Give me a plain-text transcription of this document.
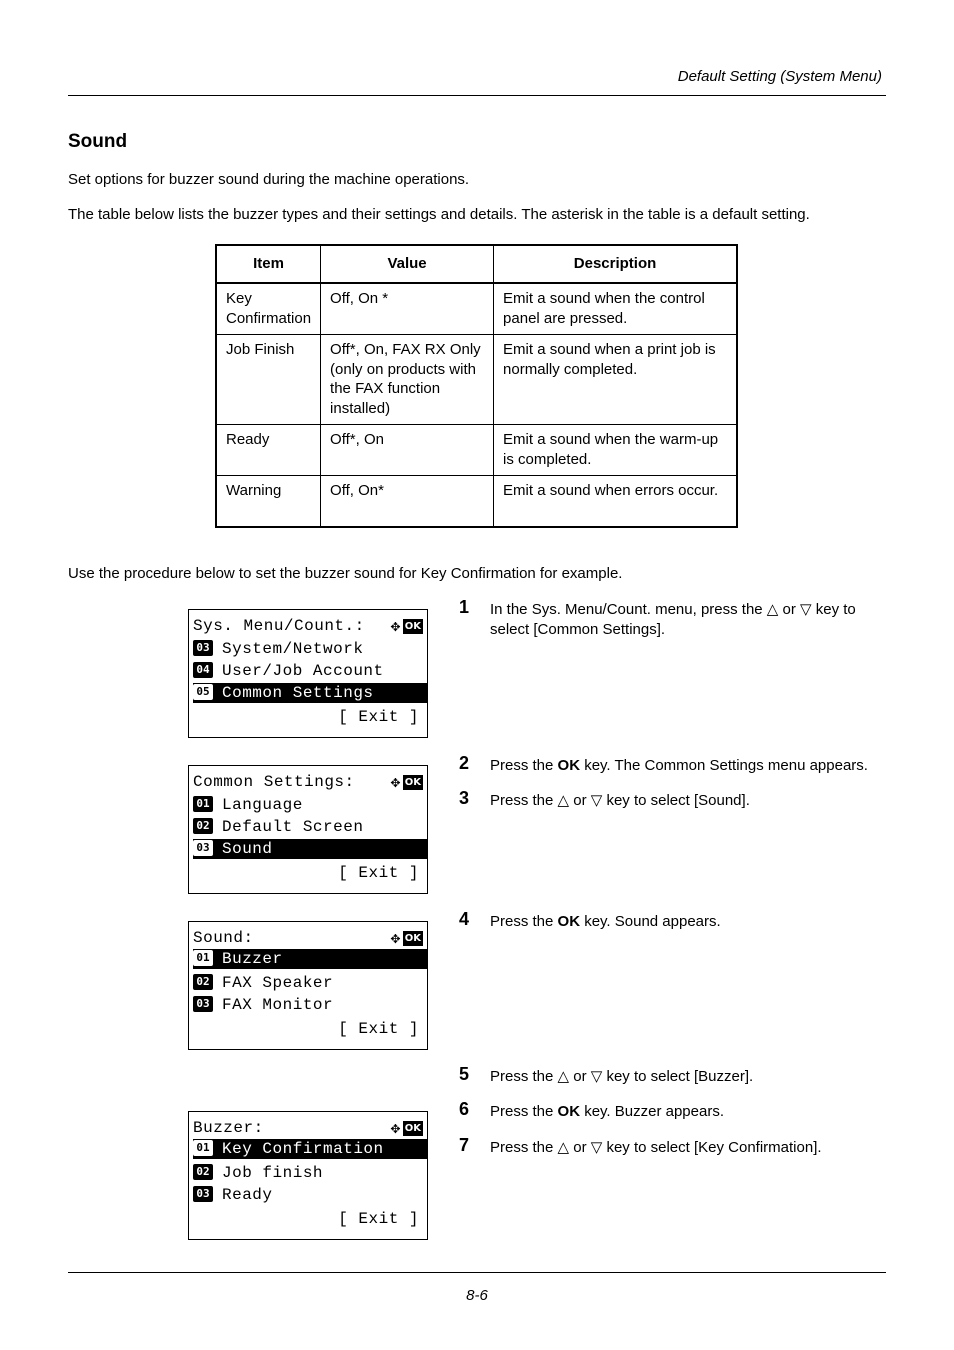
Default Setting (System Menu)
Sound

Set options for buzzer sound during the machine operations.

The table below lists the buzzer types and their settings and details. The asterisk in the table is a default setting.

Item	Value	Description
Key Confirmation	Off, On *	Emit a sound when the control panel are pressed.
Job Finish	Off*, On, FAX RX Only (only on products with the FAX function installed)	Emit a sound when a print job is normally completed.
Ready	Off*, On	Emit a sound when the warm-up is completed.
Warning	Off, On*	Emit a sound when errors occur.

Use the procedure below to set the buzzer sound for Key Confirmation for example.

Sys. Menu/Count.:	✥ OK
03 System/Network
04 User/Job Account
05 Common Settings
[ Exit ]
Common Settings:	✥ OK
01 Language
02 Default Screen
03 Sound
[ Exit ]
Sound:	✥ OK
01 Buzzer
02 FAX Speaker
03 FAX Monitor
[ Exit ]
Buzzer:	✥ OK
01 Key Confirmation
02 Job finish
03 Ready
[ Exit ]
1 In the Sys. Menu/Count. menu, press the △ or ▽ key to select [Common Settings].
2 Press the OK key. The Common Settings menu appears.
3 Press the △ or ▽ key to select [Sound].
4 Press the OK key. Sound appears.
5 Press the △ or ▽ key to select [Buzzer].
6 Press the OK key. Buzzer appears.
7 Press the △ or ▽ key to select [Key Confirmation].
8-6
